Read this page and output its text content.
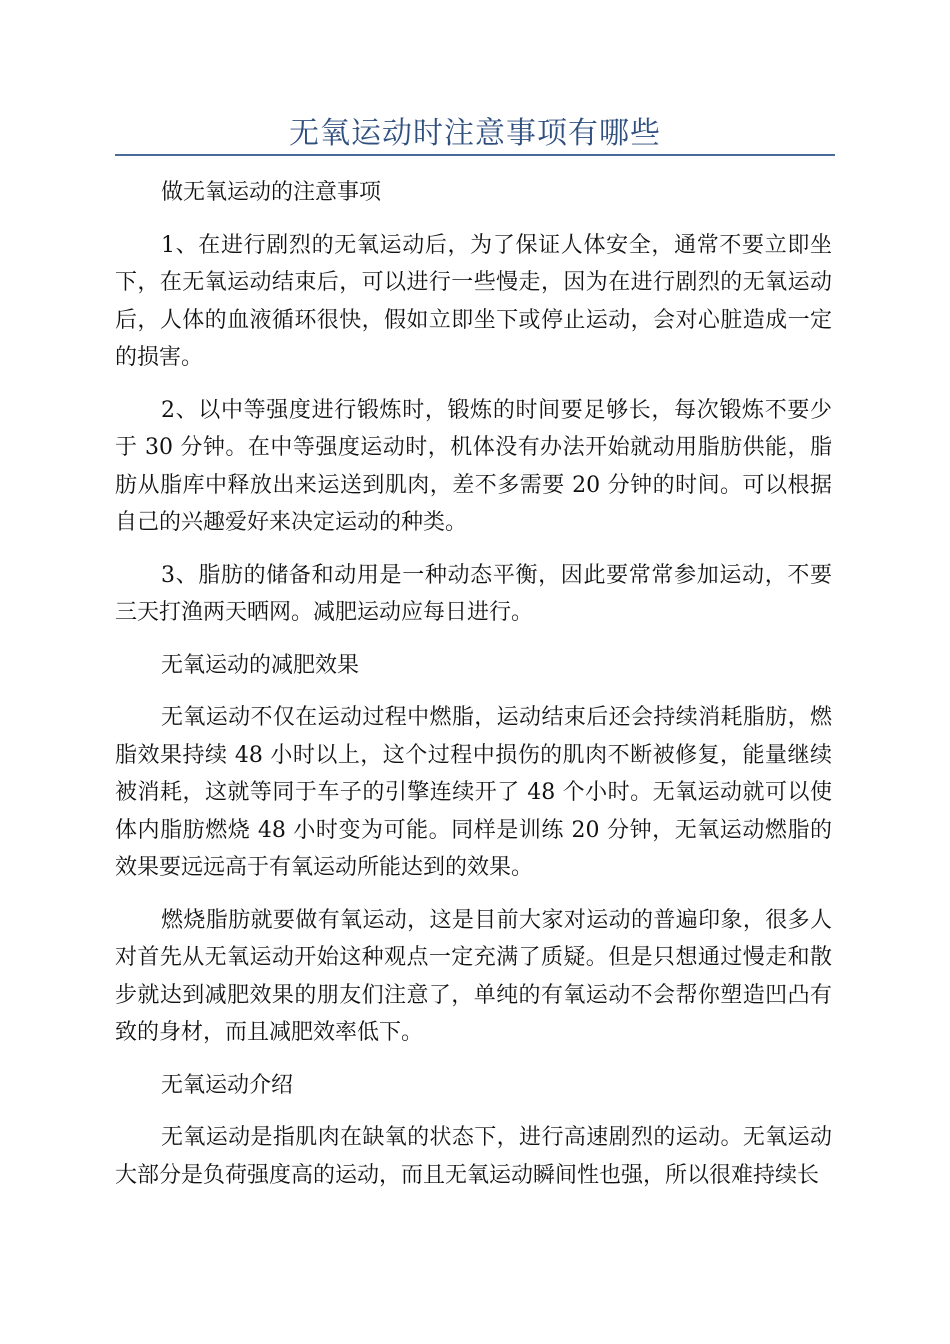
无氧运动时注意事项有哪些

做无氧运动的注意事项

1、在进行剧烈的无氧运动后，为了保证人体安全，通常不要立即坐下，在无氧运动结束后，可以进行一些慢走，因为在进行剧烈的无氧运动后，人体的血液循环很快，假如立即坐下或停止运动，会对心脏造成一定的损害。

2、以中等强度进行锻炼时，锻炼的时间要足够长，每次锻炼不要少于 30 分钟。在中等强度运动时，机体没有办法开始就动用脂肪供能，脂肪从脂库中释放出来运送到肌肉，差不多需要 20 分钟的时间。可以根据自己的兴趣爱好来决定运动的种类。

3、脂肪的储备和动用是一种动态平衡，因此要常常参加运动，不要三天打渔两天晒网。减肥运动应每日进行。

无氧运动的减肥效果

无氧运动不仅在运动过程中燃脂，运动结束后还会持续消耗脂肪，燃脂效果持续 48 小时以上，这个过程中损伤的肌肉不断被修复，能量继续被消耗，这就等同于车子的引擎连续开了 48 个小时。无氧运动就可以使体内脂肪燃烧 48 小时变为可能。同样是训练 20 分钟，无氧运动燃脂的效果要远远高于有氧运动所能达到的效果。

燃烧脂肪就要做有氧运动，这是目前大家对运动的普遍印象，很多人对首先从无氧运动开始这种观点一定充满了质疑。但是只想通过慢走和散步就达到减肥效果的朋友们注意了，单纯的有氧运动不会帮你塑造凹凸有致的身材，而且减肥效率低下。

无氧运动介绍

无氧运动是指肌肉在缺氧的状态下，进行高速剧烈的运动。无氧运动大部分是负荷强度高的运动，而且无氧运动瞬间性也强，所以很难持续长
